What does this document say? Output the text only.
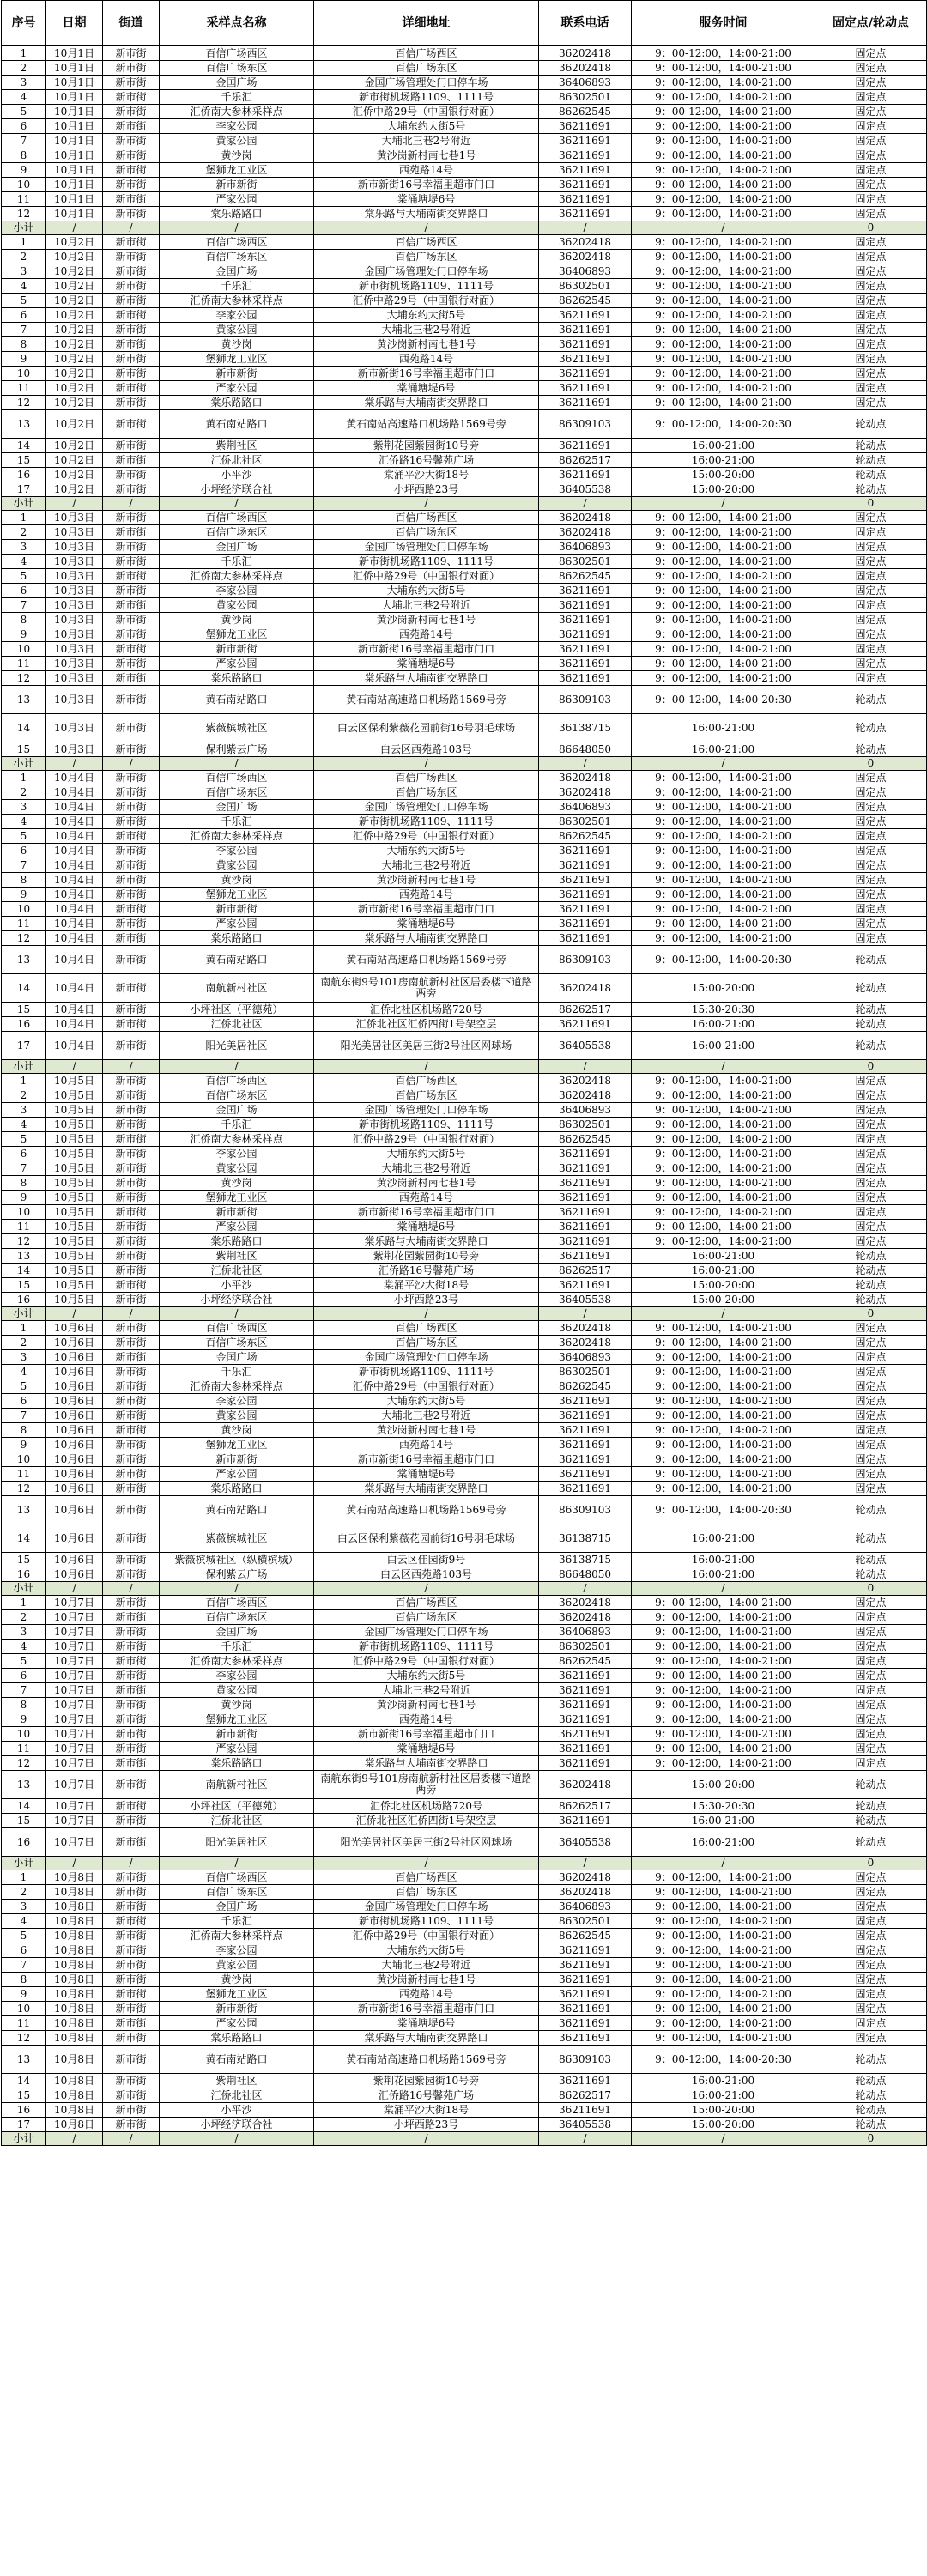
序号	日期	街道	采样点名称	详细地址	联系电话	服务时间	固定点/轮动点
1	10月1日	新市街	百信广场西区	百信广场西区	36202418	9：00-12:00，14:00-21:00	固定点
2	10月1日	新市街	百信广场东区	百信广场东区	36202418	9：00-12:00，14:00-21:00	固定点
3	10月1日	新市街	金国广场	金国广场管理处门口停车场	36406893	9：00-12:00，14:00-21:00	固定点
4	10月1日	新市街	千乐汇	新市街机场路1109、1111号	86302501	9：00-12:00，14:00-21:00	固定点
5	10月1日	新市街	汇侨南大参林采样点	汇侨中路29号（中国银行对面）	86262545	9：00-12:00，14:00-21:00	固定点
6	10月1日	新市街	李家公园	大埔东约大街5号	36211691	9：00-12:00，14:00-21:00	固定点
7	10月1日	新市街	黄家公园	大埔北三巷2号附近	36211691	9：00-12:00，14:00-21:00	固定点
8	10月1日	新市街	黄沙岗	黄沙岗新村南七巷1号	36211691	9：00-12:00，14:00-21:00	固定点
9	10月1日	新市街	堡狮龙工业区	西苑路14号	36211691	9：00-12:00，14:00-21:00	固定点
10	10月1日	新市街	新市新街	新市新街16号幸福里超市门口	36211691	9：00-12:00，14:00-21:00	固定点
11	10月1日	新市街	严家公园	棠涌塘堤6号	36211691	9：00-12:00，14:00-21:00	固定点
12	10月1日	新市街	棠乐路路口	棠乐路与大埔南街交界路口	36211691	9：00-12:00，14:00-21:00	固定点
小计	/	/	/	/	/	/	0
1	10月2日	新市街	百信广场西区	百信广场西区	36202418	9：00-12:00，14:00-21:00	固定点
2	10月2日	新市街	百信广场东区	百信广场东区	36202418	9：00-12:00，14:00-21:00	固定点
3	10月2日	新市街	金国广场	金国广场管理处门口停车场	36406893	9：00-12:00，14:00-21:00	固定点
4	10月2日	新市街	千乐汇	新市街机场路1109、1111号	86302501	9：00-12:00，14:00-21:00	固定点
5	10月2日	新市街	汇侨南大参林采样点	汇侨中路29号（中国银行对面）	86262545	9：00-12:00，14:00-21:00	固定点
6	10月2日	新市街	李家公园	大埔东约大街5号	36211691	9：00-12:00，14:00-21:00	固定点
7	10月2日	新市街	黄家公园	大埔北三巷2号附近	36211691	9：00-12:00，14:00-21:00	固定点
8	10月2日	新市街	黄沙岗	黄沙岗新村南七巷1号	36211691	9：00-12:00，14:00-21:00	固定点
9	10月2日	新市街	堡狮龙工业区	西苑路14号	36211691	9：00-12:00，14:00-21:00	固定点
10	10月2日	新市街	新市新街	新市新街16号幸福里超市门口	36211691	9：00-12:00，14:00-21:00	固定点
11	10月2日	新市街	严家公园	棠涌塘堤6号	36211691	9：00-12:00，14:00-21:00	固定点
12	10月2日	新市街	棠乐路路口	棠乐路与大埔南街交界路口	36211691	9：00-12:00，14:00-21:00	固定点
13	10月2日	新市街	黄石南站路口	黄石南站高速路口机场路1569号旁	86309103	9：00-12:00，14:00-20:30	轮动点
14	10月2日	新市街	紫荆社区	紫荆花园紫园街10号旁	36211691	16:00-21:00	轮动点
15	10月2日	新市街	汇侨北社区	汇侨路16号馨苑广场	86262517	16:00-21:00	轮动点
16	10月2日	新市街	小平沙	棠涌平沙大街18号	36211691	15:00-20:00	轮动点
17	10月2日	新市街	小坪经济联合社	小坪西路23号	36405538	15:00-20:00	轮动点
小计	/	/	/	/	/	/	0
1	10月3日	新市街	百信广场西区	百信广场西区	36202418	9：00-12:00，14:00-21:00	固定点
2	10月3日	新市街	百信广场东区	百信广场东区	36202418	9：00-12:00，14:00-21:00	固定点
3	10月3日	新市街	金国广场	金国广场管理处门口停车场	36406893	9：00-12:00，14:00-21:00	固定点
4	10月3日	新市街	千乐汇	新市街机场路1109、1111号	86302501	9：00-12:00，14:00-21:00	固定点
5	10月3日	新市街	汇侨南大参林采样点	汇侨中路29号（中国银行对面）	86262545	9：00-12:00，14:00-21:00	固定点
6	10月3日	新市街	李家公园	大埔东约大街5号	36211691	9：00-12:00，14:00-21:00	固定点
7	10月3日	新市街	黄家公园	大埔北三巷2号附近	36211691	9：00-12:00，14:00-21:00	固定点
8	10月3日	新市街	黄沙岗	黄沙岗新村南七巷1号	36211691	9：00-12:00，14:00-21:00	固定点
9	10月3日	新市街	堡狮龙工业区	西苑路14号	36211691	9：00-12:00，14:00-21:00	固定点
10	10月3日	新市街	新市新街	新市新街16号幸福里超市门口	36211691	9：00-12:00，14:00-21:00	固定点
11	10月3日	新市街	严家公园	棠涌塘堤6号	36211691	9：00-12:00，14:00-21:00	固定点
12	10月3日	新市街	棠乐路路口	棠乐路与大埔南街交界路口	36211691	9：00-12:00，14:00-21:00	固定点
13	10月3日	新市街	黄石南站路口	黄石南站高速路口机场路1569号旁	86309103	9：00-12:00，14:00-20:30	轮动点
14	10月3日	新市街	紫薇槟城社区	白云区保利紫薇花园前街16号羽毛球场	36138715	16:00-21:00	轮动点
15	10月3日	新市街	保利紫云广场	白云区西苑路103号	86648050	16:00-21:00	轮动点
小计	/	/	/	/	/	/	0
1	10月4日	新市街	百信广场西区	百信广场西区	36202418	9：00-12:00，14:00-21:00	固定点
2	10月4日	新市街	百信广场东区	百信广场东区	36202418	9：00-12:00，14:00-21:00	固定点
3	10月4日	新市街	金国广场	金国广场管理处门口停车场	36406893	9：00-12:00，14:00-21:00	固定点
4	10月4日	新市街	千乐汇	新市街机场路1109、1111号	86302501	9：00-12:00，14:00-21:00	固定点
5	10月4日	新市街	汇侨南大参林采样点	汇侨中路29号（中国银行对面）	86262545	9：00-12:00，14:00-21:00	固定点
6	10月4日	新市街	李家公园	大埔东约大街5号	36211691	9：00-12:00，14:00-21:00	固定点
7	10月4日	新市街	黄家公园	大埔北三巷2号附近	36211691	9：00-12:00，14:00-21:00	固定点
8	10月4日	新市街	黄沙岗	黄沙岗新村南七巷1号	36211691	9：00-12:00，14:00-21:00	固定点
9	10月4日	新市街	堡狮龙工业区	西苑路14号	36211691	9：00-12:00，14:00-21:00	固定点
10	10月4日	新市街	新市新街	新市新街16号幸福里超市门口	36211691	9：00-12:00，14:00-21:00	固定点
11	10月4日	新市街	严家公园	棠涌塘堤6号	36211691	9：00-12:00，14:00-21:00	固定点
12	10月4日	新市街	棠乐路路口	棠乐路与大埔南街交界路口	36211691	9：00-12:00，14:00-21:00	固定点
13	10月4日	新市街	黄石南站路口	黄石南站高速路口机场路1569号旁	86309103	9：00-12:00，14:00-20:30	轮动点
14	10月4日	新市街	南航新村社区	南航东街9号101房南航新村社区居委楼下道路两旁	36202418	15:00-20:00	轮动点
15	10月4日	新市街	小坪社区（平德苑）	汇侨北社区机场路720号	86262517	15:30-20:30	轮动点
16	10月4日	新市街	汇侨北社区	汇侨北社区汇侨四街1号架空层	36211691	16:00-21:00	轮动点
17	10月4日	新市街	阳光美居社区	阳光美居社区美居三街2号社区网球场	36405538	16:00-21:00	轮动点
小计	/	/	/	/	/	/	0
1	10月5日	新市街	百信广场西区	百信广场西区	36202418	9：00-12:00，14:00-21:00	固定点
2	10月5日	新市街	百信广场东区	百信广场东区	36202418	9：00-12:00，14:00-21:00	固定点
3	10月5日	新市街	金国广场	金国广场管理处门口停车场	36406893	9：00-12:00，14:00-21:00	固定点
4	10月5日	新市街	千乐汇	新市街机场路1109、1111号	86302501	9：00-12:00，14:00-21:00	固定点
5	10月5日	新市街	汇侨南大参林采样点	汇侨中路29号（中国银行对面）	86262545	9：00-12:00，14:00-21:00	固定点
6	10月5日	新市街	李家公园	大埔东约大街5号	36211691	9：00-12:00，14:00-21:00	固定点
7	10月5日	新市街	黄家公园	大埔北三巷2号附近	36211691	9：00-12:00，14:00-21:00	固定点
8	10月5日	新市街	黄沙岗	黄沙岗新村南七巷1号	36211691	9：00-12:00，14:00-21:00	固定点
9	10月5日	新市街	堡狮龙工业区	西苑路14号	36211691	9：00-12:00，14:00-21:00	固定点
10	10月5日	新市街	新市新街	新市新街16号幸福里超市门口	36211691	9：00-12:00，14:00-21:00	固定点
11	10月5日	新市街	严家公园	棠涌塘堤6号	36211691	9：00-12:00，14:00-21:00	固定点
12	10月5日	新市街	棠乐路路口	棠乐路与大埔南街交界路口	36211691	9：00-12:00，14:00-21:00	固定点
13	10月5日	新市街	紫荆社区	紫荆花园紫园街10号旁	36211691	16:00-21:00	轮动点
14	10月5日	新市街	汇侨北社区	汇侨路16号馨苑广场	86262517	16:00-21:00	轮动点
15	10月5日	新市街	小平沙	棠涌平沙大街18号	36211691	15:00-20:00	轮动点
16	10月5日	新市街	小坪经济联合社	小坪西路23号	36405538	15:00-20:00	轮动点
小计	/	/	/	/	/	/	0
1	10月6日	新市街	百信广场西区	百信广场西区	36202418	9：00-12:00，14:00-21:00	固定点
2	10月6日	新市街	百信广场东区	百信广场东区	36202418	9：00-12:00，14:00-21:00	固定点
3	10月6日	新市街	金国广场	金国广场管理处门口停车场	36406893	9：00-12:00，14:00-21:00	固定点
4	10月6日	新市街	千乐汇	新市街机场路1109、1111号	86302501	9：00-12:00，14:00-21:00	固定点
5	10月6日	新市街	汇侨南大参林采样点	汇侨中路29号（中国银行对面）	86262545	9：00-12:00，14:00-21:00	固定点
6	10月6日	新市街	李家公园	大埔东约大街5号	36211691	9：00-12:00，14:00-21:00	固定点
7	10月6日	新市街	黄家公园	大埔北三巷2号附近	36211691	9：00-12:00，14:00-21:00	固定点
8	10月6日	新市街	黄沙岗	黄沙岗新村南七巷1号	36211691	9：00-12:00，14:00-21:00	固定点
9	10月6日	新市街	堡狮龙工业区	西苑路14号	36211691	9：00-12:00，14:00-21:00	固定点
10	10月6日	新市街	新市新街	新市新街16号幸福里超市门口	36211691	9：00-12:00，14:00-21:00	固定点
11	10月6日	新市街	严家公园	棠涌塘堤6号	36211691	9：00-12:00，14:00-21:00	固定点
12	10月6日	新市街	棠乐路路口	棠乐路与大埔南街交界路口	36211691	9：00-12:00，14:00-21:00	固定点
13	10月6日	新市街	黄石南站路口	黄石南站高速路口机场路1569号旁	86309103	9：00-12:00，14:00-20:30	轮动点
14	10月6日	新市街	紫薇槟城社区	白云区保利紫薇花园前街16号羽毛球场	36138715	16:00-21:00	轮动点
15	10月6日	新市街	紫薇槟城社区（纵横槟城）	白云区佳园街9号	36138715	16:00-21:00	轮动点
16	10月6日	新市街	保利紫云广场	白云区西苑路103号	86648050	16:00-21:00	轮动点
小计	/	/	/	/	/	/	0
1	10月7日	新市街	百信广场西区	百信广场西区	36202418	9：00-12:00，14:00-21:00	固定点
2	10月7日	新市街	百信广场东区	百信广场东区	36202418	9：00-12:00，14:00-21:00	固定点
3	10月7日	新市街	金国广场	金国广场管理处门口停车场	36406893	9：00-12:00，14:00-21:00	固定点
4	10月7日	新市街	千乐汇	新市街机场路1109、1111号	86302501	9：00-12:00，14:00-21:00	固定点
5	10月7日	新市街	汇侨南大参林采样点	汇侨中路29号（中国银行对面）	86262545	9：00-12:00，14:00-21:00	固定点
6	10月7日	新市街	李家公园	大埔东约大街5号	36211691	9：00-12:00，14:00-21:00	固定点
7	10月7日	新市街	黄家公园	大埔北三巷2号附近	36211691	9：00-12:00，14:00-21:00	固定点
8	10月7日	新市街	黄沙岗	黄沙岗新村南七巷1号	36211691	9：00-12:00，14:00-21:00	固定点
9	10月7日	新市街	堡狮龙工业区	西苑路14号	36211691	9：00-12:00，14:00-21:00	固定点
10	10月7日	新市街	新市新街	新市新街16号幸福里超市门口	36211691	9：00-12:00，14:00-21:00	固定点
11	10月7日	新市街	严家公园	棠涌塘堤6号	36211691	9：00-12:00，14:00-21:00	固定点
12	10月7日	新市街	棠乐路路口	棠乐路与大埔南街交界路口	36211691	9：00-12:00，14:00-21:00	固定点
13	10月7日	新市街	南航新村社区	南航东街9号101房南航新村社区居委楼下道路两旁	36202418	15:00-20:00	轮动点
14	10月7日	新市街	小坪社区（平德苑）	汇侨北社区机场路720号	86262517	15:30-20:30	轮动点
15	10月7日	新市街	汇侨北社区	汇侨北社区汇侨四街1号架空层	36211691	16:00-21:00	轮动点
16	10月7日	新市街	阳光美居社区	阳光美居社区美居三街2号社区网球场	36405538	16:00-21:00	轮动点
小计	/	/	/	/	/	/	0
1	10月8日	新市街	百信广场西区	百信广场西区	36202418	9：00-12:00，14:00-21:00	固定点
2	10月8日	新市街	百信广场东区	百信广场东区	36202418	9：00-12:00，14:00-21:00	固定点
3	10月8日	新市街	金国广场	金国广场管理处门口停车场	36406893	9：00-12:00，14:00-21:00	固定点
4	10月8日	新市街	千乐汇	新市街机场路1109、1111号	86302501	9：00-12:00，14:00-21:00	固定点
5	10月8日	新市街	汇侨南大参林采样点	汇侨中路29号（中国银行对面）	86262545	9：00-12:00，14:00-21:00	固定点
6	10月8日	新市街	李家公园	大埔东约大街5号	36211691	9：00-12:00，14:00-21:00	固定点
7	10月8日	新市街	黄家公园	大埔北三巷2号附近	36211691	9：00-12:00，14:00-21:00	固定点
8	10月8日	新市街	黄沙岗	黄沙岗新村南七巷1号	36211691	9：00-12:00，14:00-21:00	固定点
9	10月8日	新市街	堡狮龙工业区	西苑路14号	36211691	9：00-12:00，14:00-21:00	固定点
10	10月8日	新市街	新市新街	新市新街16号幸福里超市门口	36211691	9：00-12:00，14:00-21:00	固定点
11	10月8日	新市街	严家公园	棠涌塘堤6号	36211691	9：00-12:00，14:00-21:00	固定点
12	10月8日	新市街	棠乐路路口	棠乐路与大埔南街交界路口	36211691	9：00-12:00，14:00-21:00	固定点
13	10月8日	新市街	黄石南站路口	黄石南站高速路口机场路1569号旁	86309103	9：00-12:00，14:00-20:30	轮动点
14	10月8日	新市街	紫荆社区	紫荆花园紫园街10号旁	36211691	16:00-21:00	轮动点
15	10月8日	新市街	汇侨北社区	汇侨路16号馨苑广场	86262517	16:00-21:00	轮动点
16	10月8日	新市街	小平沙	棠涌平沙大街18号	36211691	15:00-20:00	轮动点
17	10月8日	新市街	小坪经济联合社	小坪西路23号	36405538	15:00-20:00	轮动点
小计	/	/	/	/	/	/	0
